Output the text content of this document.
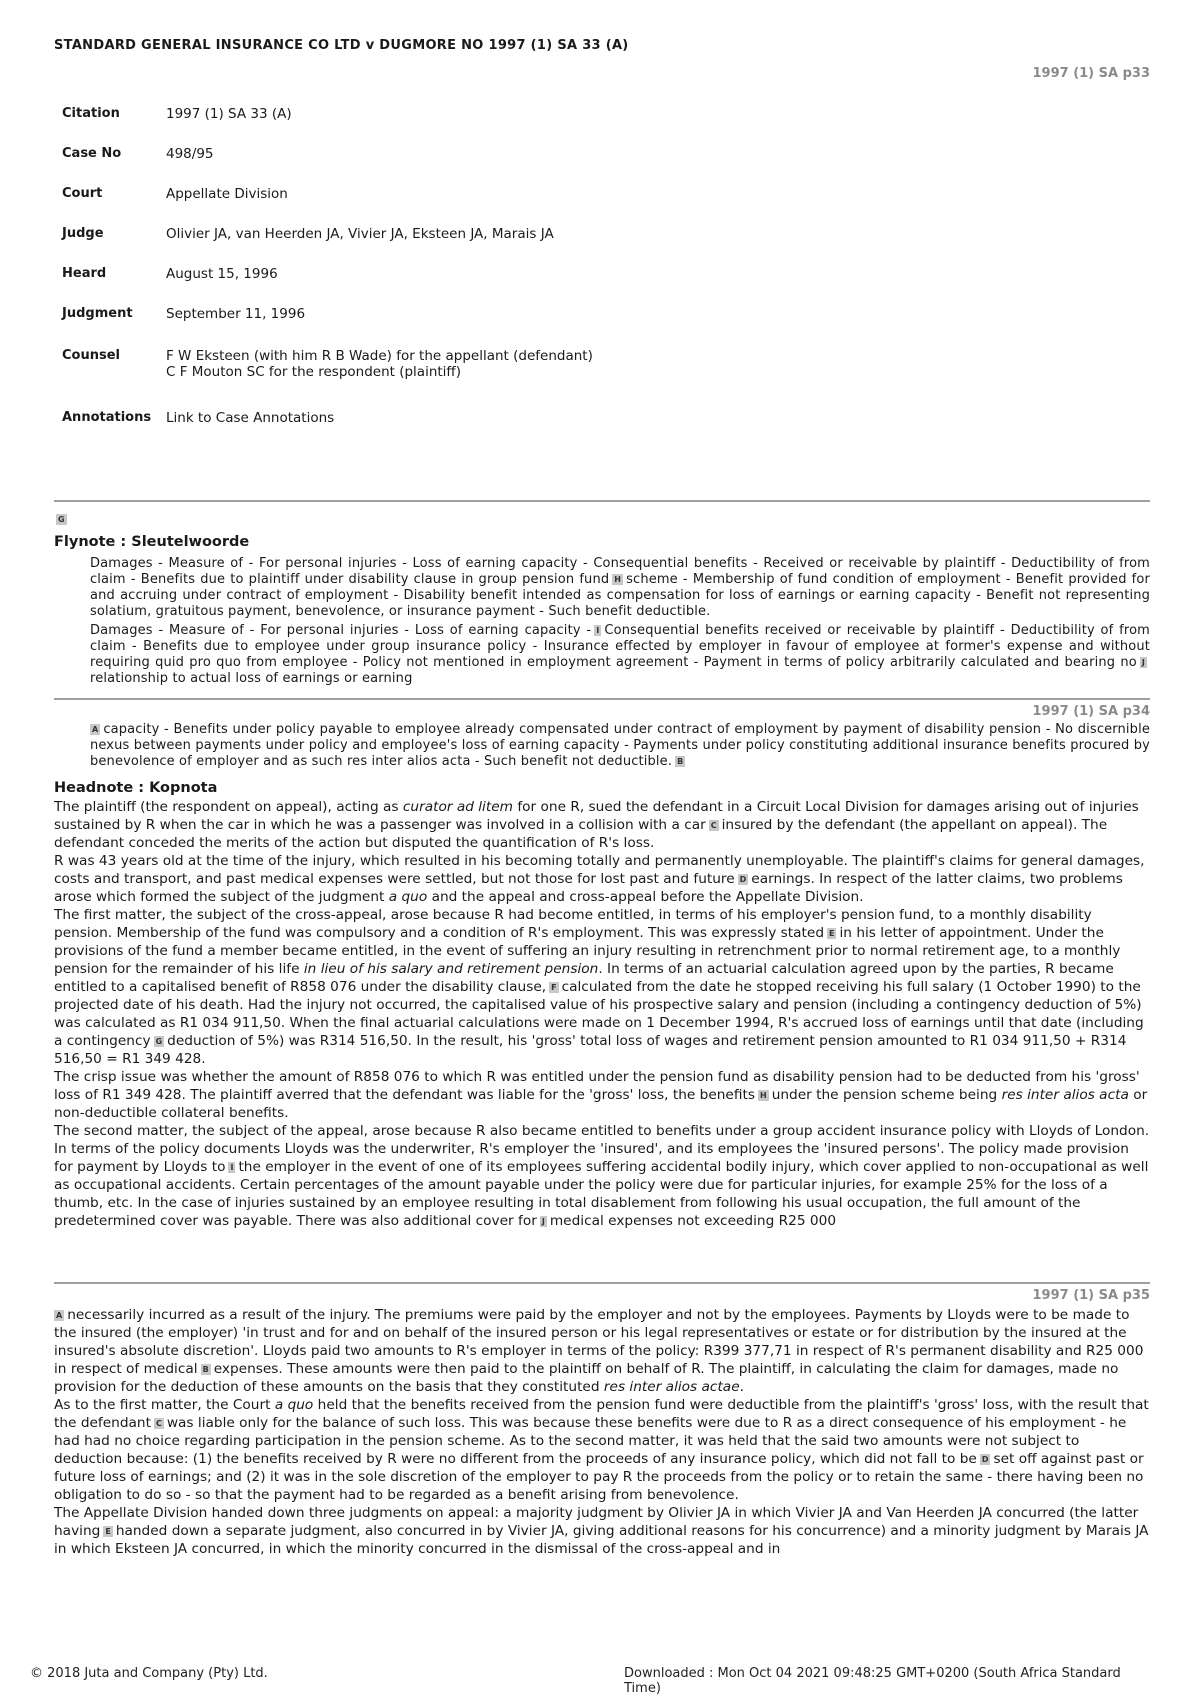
STANDARD GENERAL INSURANCE CO LTD v DUGMORE NO 1997 (1) SA 33 (A)
1997 (1) SA p33
Citation	1997 (1) SA 33 (A)
Case No	498/95
Court	Appellate Division
Judge	Olivier JA, van Heerden JA, Vivier JA, Eksteen JA, Marais JA
Heard	August 15, 1996
Judgment	September 11, 1996
Counsel	F W Eksteen (with him R B Wade) for the appellant (defendant)
C F Mouton SC for the respondent (plaintiff)
Annotations	Link to Case Annotations
G
Flynote : Sleutelwoorde

Damages - Measure of - For personal injuries - Loss of earning capacity - Consequential benefits - Received or receivable by plaintiff - Deductibility of from claim - Benefits due to plaintiff under disability clause in group pension fund H scheme - Membership of fund condition of employment - Benefit provided for and accruing under contract of employment - Disability benefit intended as compensation for loss of earnings or earning capacity - Benefit not representing solatium, gratuitous payment, benevolence, or insurance payment - Such benefit deductible.

Damages - Measure of - For personal injuries - Loss of earning capacity - I Consequential benefits received or receivable by plaintiff - Deductibility of from claim - Benefits due to employee under group insurance policy - Insurance effected by employer in favour of employee at former's expense and without requiring quid pro quo from employee - Policy not mentioned in employment agreement - Payment in terms of policy arbitrarily calculated and bearing no Jrelationship to actual loss of earnings or earning

1997 (1) SA p34

A capacity - Benefits under policy payable to employee already compensated under contract of employment by payment of disability pension - No discernible nexus between payments under policy and employee's loss of earning capacity - Payments under policy constituting additional insurance benefits procured by benevolence of employer and as such res inter alios acta - Such benefit not deductible. B

Headnote : Kopnota

The plaintiff (the respondent on appeal), acting as curator ad litem for one R, sued the defendant in a Circuit Local Division for damages arising out of injuries sustained by R when the car in which he was a passenger was involved in a collision with a car C insured by the defendant (the appellant on appeal). The defendant conceded the merits of the action but disputed the quantification of R's loss.

R was 43 years old at the time of the injury, which resulted in his becoming totally and permanently unemployable. The plaintiff's claims for general damages, costs and transport, and past medical expenses were settled, but not those for lost past and future D earnings. In respect of the latter claims, two problems arose which formed the subject of the judgment a quo and the appeal and cross-appeal before the Appellate Division.

The first matter, the subject of the cross-appeal, arose because R had become entitled, in terms of his employer's pension fund, to a monthly disability pension. Membership of the fund was compulsory and a condition of R's employment. This was expressly stated E in his letter of appointment. Under the provisions of the fund a member became entitled, in the event of suffering an injury resulting in retrenchment prior to normal retirement age, to a monthly pension for the remainder of his life in lieu of his salary and retirement pension. In terms of an actuarial calculation agreed upon by the parties, R became entitled to a capitalised benefit of R858 076 under the disability clause, F calculated from the date he stopped receiving his full salary (1 October 1990) to the projected date of his death. Had the injury not occurred, the capitalised value of his prospective salary and pension (including a contingency deduction of 5%) was calculated as R1 034 911,50. When the final actuarial calculations were made on 1 December 1994, R's accrued loss of earnings until that date (including a contingency G deduction of 5%) was R314 516,50. In the result, his 'gross' total loss of wages and retirement pension amounted to R1 034 911,50 + R314 516,50 = R1 349 428.

The crisp issue was whether the amount of R858 076 to which R was entitled under the pension fund as disability pension had to be deducted from his 'gross' loss of R1 349 428. The plaintiff averred that the defendant was liable for the 'gross' loss, the benefits H under the pension scheme being res inter alios acta or non-deductible collateral benefits.

The second matter, the subject of the appeal, arose because R also became entitled to benefits under a group accident insurance policy with Lloyds of London. In terms of the policy documents Lloyds was the underwriter, R's employer the 'insured', and its employees the 'insured persons'. The policy made provision for payment by Lloyds to I the employer in the event of one of its employees suffering accidental bodily injury, which cover applied to non-occupational as well as occupational accidents. Certain percentages of the amount payable under the policy were due for particular injuries, for example 25% for the loss of a thumb, etc. In the case of injuries sustained by an employee resulting in total disablement from following his usual occupation, the full amount of the predetermined cover was payable. There was also additional cover for J medical expenses not exceeding R25 000

1997 (1) SA p35

A necessarily incurred as a result of the injury. The premiums were paid by the employer and not by the employees. Payments by Lloyds were to be made to the insured (the employer) 'in trust and for and on behalf of the insured person or his legal representatives or estate or for distribution by the insured at the insured's absolute discretion'. Lloyds paid two amounts to R's employer in terms of the policy: R399 377,71 in respect of R's permanent disability and R25 000 in respect of medical B expenses. These amounts were then paid to the plaintiff on behalf of R. The plaintiff, in calculating the claim for damages, made no provision for the deduction of these amounts on the basis that they constituted res inter alios actae.

As to the first matter, the Court a quo held that the benefits received from the pension fund were deductible from the plaintiff's 'gross' loss, with the result that the defendant C was liable only for the balance of such loss. This was because these benefits were due to R as a direct consequence of his employment - he had had no choice regarding participation in the pension scheme. As to the second matter, it was held that the said two amounts were not subject to deduction because: (1) the benefits received by R were no different from the proceeds of any insurance policy, which did not fall to be D set off against past or future loss of earnings; and (2) it was in the sole discretion of the employer to pay R the proceeds from the policy or to retain the same - there having been no obligation to do so - so that the payment had to be regarded as a benefit arising from benevolence.

The Appellate Division handed down three judgments on appeal: a majority judgment by Olivier JA in which Vivier JA and Van Heerden JA concurred (the latter having E handed down a separate judgment, also concurred in by Vivier JA, giving additional reasons for his concurrence) and a minority judgment by Marais JA in which Eksteen JA concurred, in which the minority concurred in the dismissal of the cross-appeal and in

© 2018 Juta and Company (Pty) Ltd.	Downloaded : Mon Oct 04 2021 09:48:25 GMT+0200 (South Africa Standard Time)
